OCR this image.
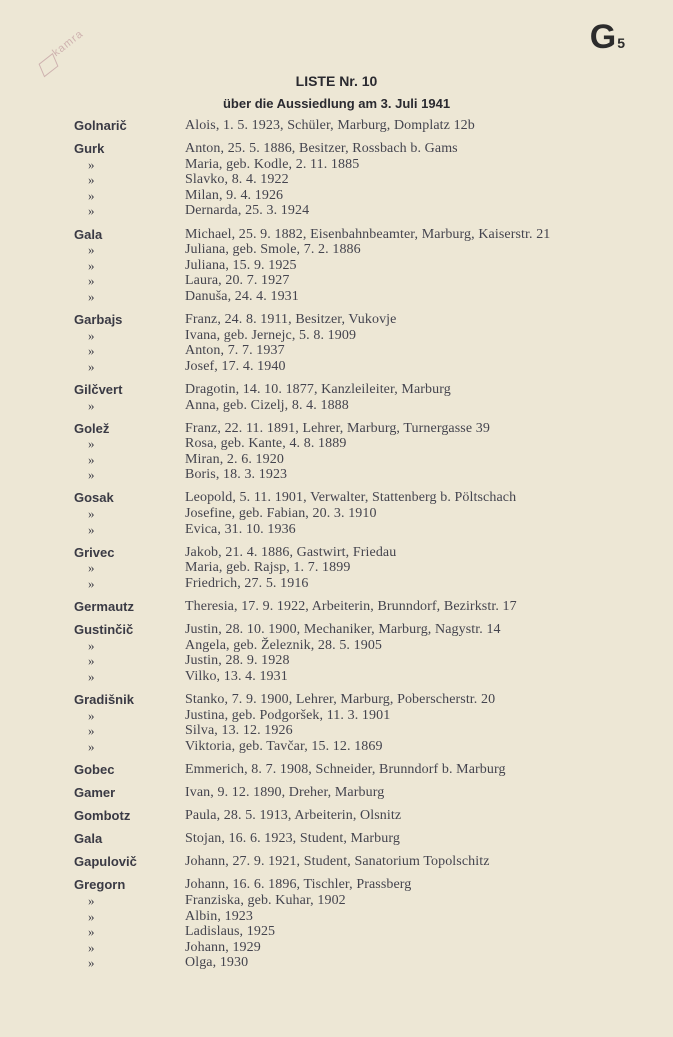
kamra	G5
LISTE Nr. 10
über die Aussiedlung am 3. Juli 1941
Golnarič	Alois, 1. 5. 1923, Schüler, Marburg, Domplatz 12b
Gurk	Anton, 25. 5. 1886, Besitzer, Rossbach b. Gams
»	Maria, geb. Kodle, 2. 11. 1885
»	Slavko, 8. 4. 1922
»	Milan, 9. 4. 1926
»	Dernarda, 25. 3. 1924
Gala	Michael, 25. 9. 1882, Eisenbahnbeamter, Marburg, Kaiserstr. 21
»	Juliana, geb. Smole, 7. 2. 1886
»	Juliana, 15. 9. 1925
»	Laura, 20. 7. 1927
»	Danuša, 24. 4. 1931
Garbajs	Franz, 24. 8. 1911, Besitzer, Vukovje
»	Ivana, geb. Jernejc, 5. 8. 1909
»	Anton, 7. 7. 1937
»	Josef, 17. 4. 1940
Gilčvert	Dragotin, 14. 10. 1877, Kanzleileiter, Marburg
»	Anna, geb. Cizelj, 8. 4. 1888
Golež	Franz, 22. 11. 1891, Lehrer, Marburg, Turnergasse 39
»	Rosa, geb. Kante, 4. 8. 1889
»	Miran, 2. 6. 1920
»	Boris, 18. 3. 1923
Gosak	Leopold, 5. 11. 1901, Verwalter, Stattenberg b. Pöltschach
»	Josefine, geb. Fabian, 20. 3. 1910
»	Evica, 31. 10. 1936
Grivec	Jakob, 21. 4. 1886, Gastwirt, Friedau
»	Maria, geb. Rajsp, 1. 7. 1899
»	Friedrich, 27. 5. 1916
Germautz	Theresia, 17. 9. 1922, Arbeiterin, Brunndorf, Bezirkstr. 17
Gustinčič	Justin, 28. 10. 1900, Mechaniker, Marburg, Nagystr. 14
»	Angela, geb. Železnik, 28. 5. 1905
»	Justin, 28. 9. 1928
»	Vilko, 13. 4. 1931
Gradišnik	Stanko, 7. 9. 1900, Lehrer, Marburg, Poberscherstr. 20
»	Justina, geb. Podgoršek, 11. 3. 1901
»	Silva, 13. 12. 1926
»	Viktoria, geb. Tavčar, 15. 12. 1869
Gobec	Emmerich, 8. 7. 1908, Schneider, Brunndorf b. Marburg
Gamer	Ivan, 9. 12. 1890, Dreher, Marburg
Gombotz	Paula, 28. 5. 1913, Arbeiterin, Olsnitz
Gala	Stojan, 16. 6. 1923, Student, Marburg
Gapulovič	Johann, 27. 9. 1921, Student, Sanatorium Topolschitz
Gregorn	Johann, 16. 6. 1896, Tischler, Prassberg
»	Franziska, geb. Kuhar, 1902
»	Albin, 1923
»	Ladislaus, 1925
»	Johann, 1929
»	Olga, 1930
